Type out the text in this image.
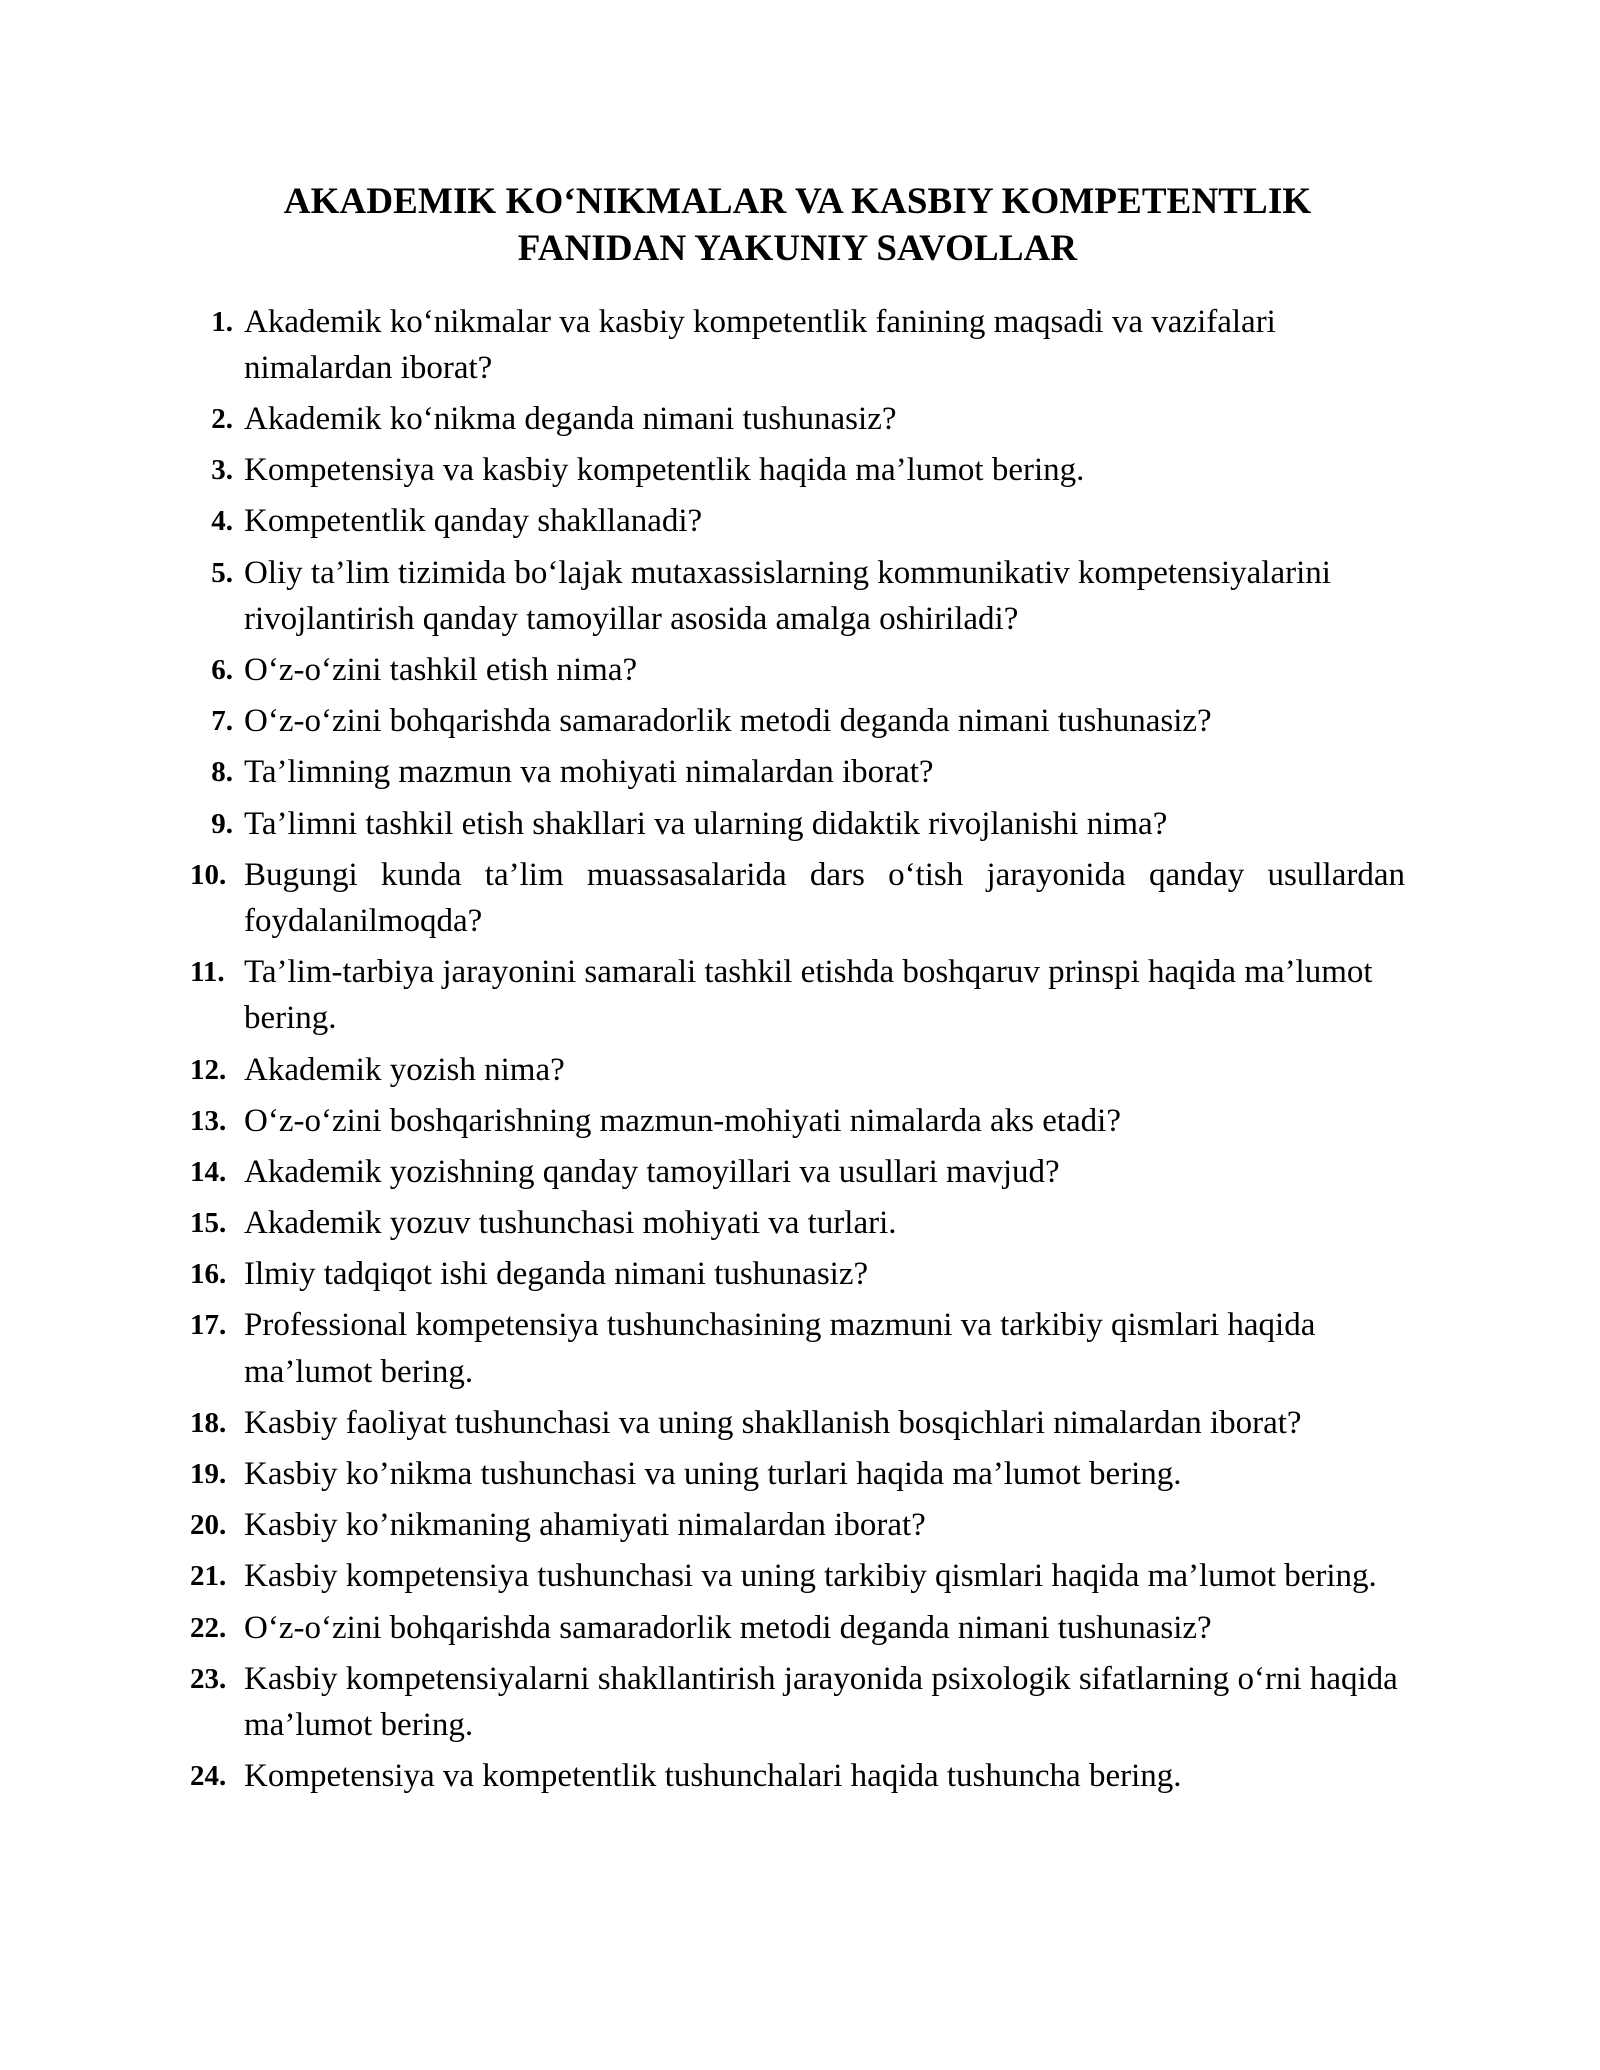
AKADEMIK KO‘NIKMALAR VA KASBIY KOMPETENTLIK FANIDAN YAKUNIY SAVOLLAR
1. Akademik ko‘nikmalar va kasbiy kompetentlik fanining maqsadi va vazifalari nimalardan iborat?
2. Akademik ko‘nikma deganda nimani tushunasiz?
3. Kompetensiya va kasbiy kompetentlik haqida ma’lumot bering.
4. Kompetentlik qanday shakllanadi?
5. Oliy ta’lim tizimida bo‘lajak mutaxassislarning kommunikativ kompetensiyalarini rivojlantirish qanday tamoyillar asosida amalga oshiriladi?
6. O‘z-o‘zini tashkil etish nima?
7. O‘z-o‘zini bohqarishda samaradorlik metodi deganda nimani tushunasiz?
8. Ta’limning mazmun va mohiyati nimalardan iborat?
9. Ta’limni tashkil etish shakllari va ularning didaktik rivojlanishi nima?
10. Bugungi kunda ta’lim muassasalarida dars o‘tish jarayonida qanday usullardan foydalanilmoqda?
11. Ta’lim-tarbiya jarayonini samarali tashkil etishda boshqaruv prinspi haqida ma’lumot bering.
12. Akademik yozish nima?
13. O‘z-o‘zini boshqarishning mazmun-mohiyati nimalarda aks etadi?
14. Akademik yozishning qanday tamoyillari va usullari mavjud?
15. Akademik yozuv tushunchasi mohiyati va turlari.
16. Ilmiy tadqiqot ishi deganda nimani tushunasiz?
17. Professional kompetensiya tushunchasining mazmuni va tarkibiy qismlari haqida ma’lumot bering.
18. Kasbiy faoliyat tushunchasi va uning shakllanish bosqichlari nimalardan iborat?
19. Kasbiy ko’nikma tushunchasi va uning turlari haqida ma’lumot bering.
20. Kasbiy ko’nikmaning ahamiyati nimalardan iborat?
21. Kasbiy kompetensiya tushunchasi va uning tarkibiy qismlari haqida ma’lumot bering.
22. O‘z-o‘zini bohqarishda samaradorlik metodi deganda nimani tushunasiz?
23. Kasbiy kompetensiyalarni shakllantirish jarayonida psixologik sifatlarning o‘rni haqida ma’lumot bering.
24. Kompetensiya va kompetentlik tushunchalari haqida tushuncha bering.
